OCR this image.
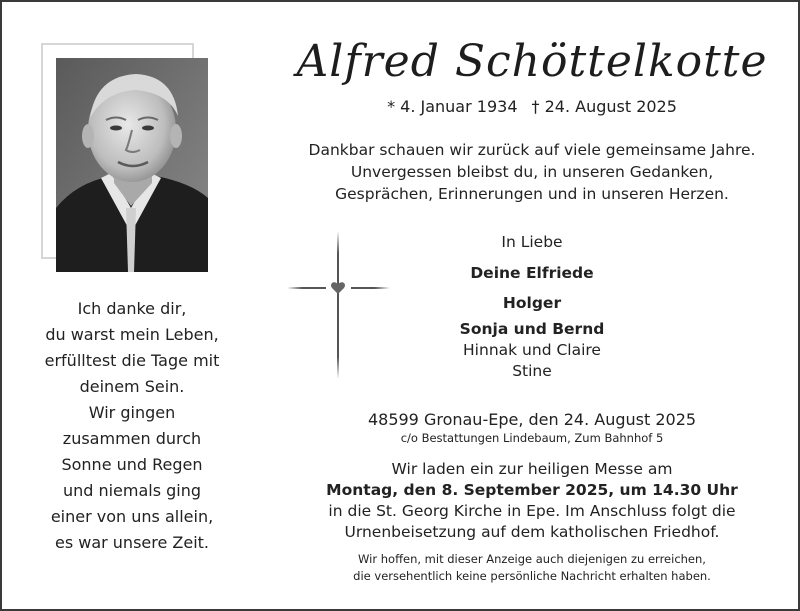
Ich danke dir,
du warst mein Leben,
erfülltest die Tage mit
deinem Sein.
Wir gingen
zusammen durch
Sonne und Regen
und niemals ging
einer von uns allein,
es war unsere Zeit.
Alfred Schöttelkotte
* 4. Januar 1934 † 24. August 2025
Dankbar schauen wir zurück auf viele gemeinsame Jahre.
Unvergessen bleibst du, in unseren Gedanken,
Gesprächen, Erinnerungen und in unseren Herzen.
In Liebe
Deine Elfriede
Holger
Sonja und Bernd
Hinnak und Claire
Stine
48599 Gronau-Epe, den 24. August 2025
c/o Bestattungen Lindebaum, Zum Bahnhof 5
Wir laden ein zur heiligen Messe am
Montag, den 8. September 2025, um 14.30 Uhr
in die St. Georg Kirche in Epe. Im Anschluss folgt die
Urnenbeisetzung auf dem katholischen Friedhof.
Wir hoffen, mit dieser Anzeige auch diejenigen zu erreichen,
die versehentlich keine persönliche Nachricht erhalten haben.
